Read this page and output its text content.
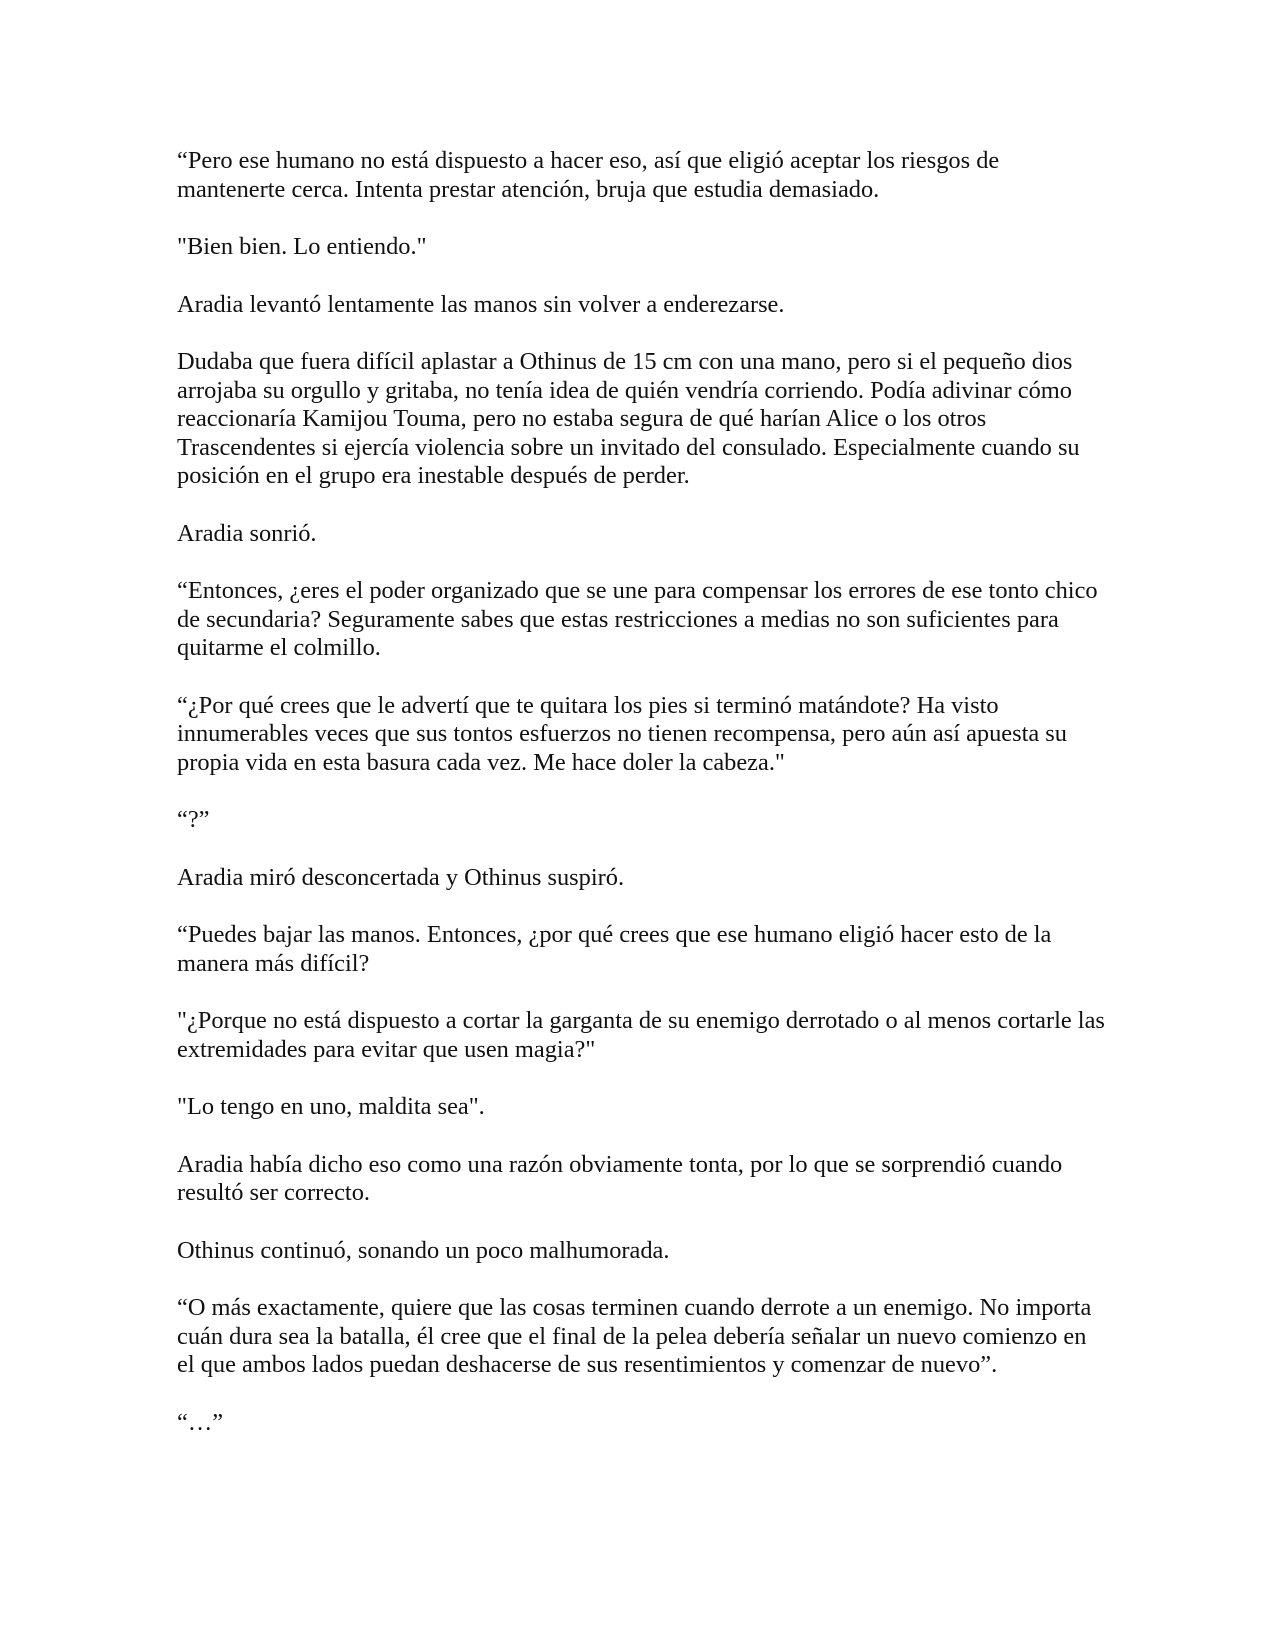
“Pero ese humano no está dispuesto a hacer eso, así que eligió aceptar los riesgos de mantenerte cerca. Intenta prestar atención, bruja que estudia demasiado.

"Bien bien. Lo entiendo."

Aradia levantó lentamente las manos sin volver a enderezarse.

Dudaba que fuera difícil aplastar a Othinus de 15 cm con una mano, pero si el pequeño dios arrojaba su orgullo y gritaba, no tenía idea de quién vendría corriendo. Podía adivinar cómo reaccionaría Kamijou Touma, pero no estaba segura de qué harían Alice o los otros Trascendentes si ejercía violencia sobre un invitado del consulado. Especialmente cuando su posición en el grupo era inestable después de perder.

Aradia sonrió.

“Entonces, ¿eres el poder organizado que se une para compensar los errores de ese tonto chico de secundaria? Seguramente sabes que estas restricciones a medias no son suficientes para quitarme el colmillo.

“¿Por qué crees que le advertí que te quitara los pies si terminó matándote? Ha visto innumerables veces que sus tontos esfuerzos no tienen recompensa, pero aún así apuesta su propia vida en esta basura cada vez. Me hace doler la cabeza."

“?”

Aradia miró desconcertada y Othinus suspiró.

“Puedes bajar las manos. Entonces, ¿por qué crees que ese humano eligió hacer esto de la manera más difícil?

"¿Porque no está dispuesto a cortar la garganta de su enemigo derrotado o al menos cortarle las extremidades para evitar que usen magia?"

"Lo tengo en uno, maldita sea".

Aradia había dicho eso como una razón obviamente tonta, por lo que se sorprendió cuando resultó ser correcto.

Othinus continuó, sonando un poco malhumorada.

“O más exactamente, quiere que las cosas terminen cuando derrote a un enemigo. No importa cuán dura sea la batalla, él cree que el final de la pelea debería señalar un nuevo comienzo en el que ambos lados puedan deshacerse de sus resentimientos y comenzar de nuevo”.

“…”
